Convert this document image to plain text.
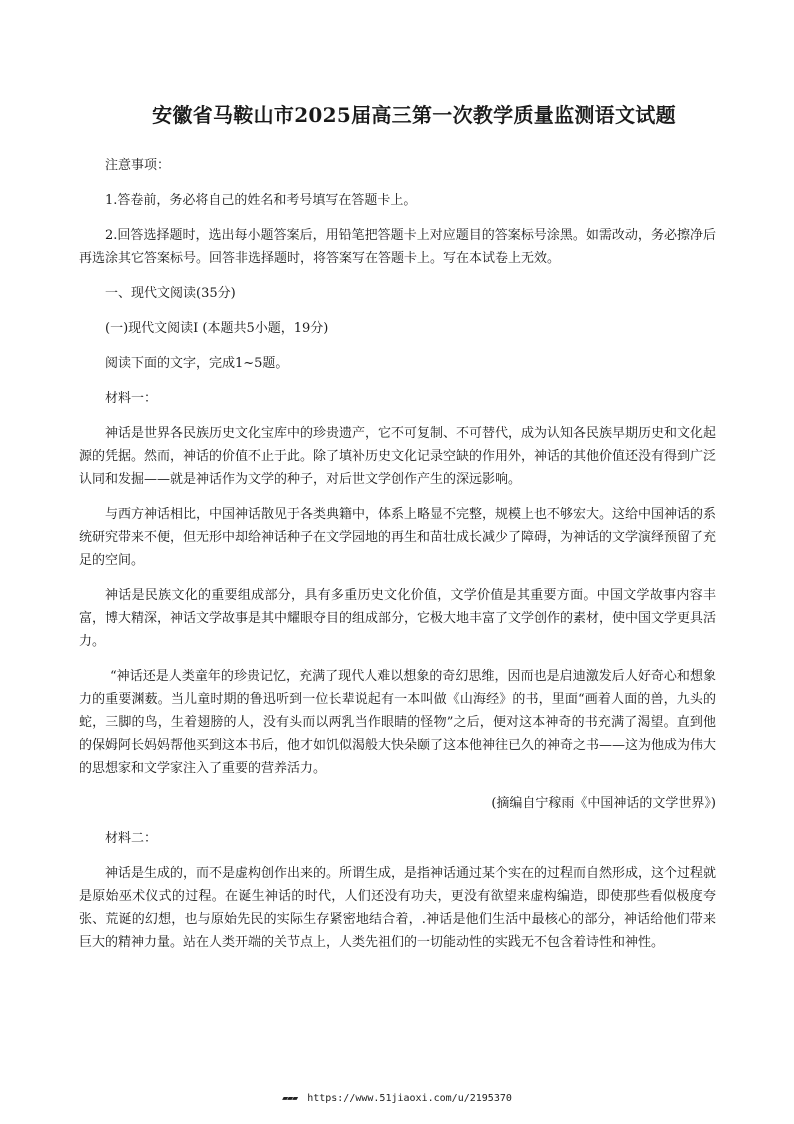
安徽省马鞍山市2025届高三第一次教学质量监测语文试题

注意事项：

1.答卷前，务必将自己的姓名和考号填写在答题卡上。

2.回答选择题时，选出每小题答案后，用铅笔把答题卡上对应题目的答案标号涂黑。如需改动，务必擦净后再选涂其它答案标号。回答非选择题时，将答案写在答题卡上。写在本试卷上无效。

一、现代文阅读(35分)

(一)现代文阅读Ⅰ (本题共5小题，19分)

阅读下面的文字，完成1~5题。

材料一：

神话是世界各民族历史文化宝库中的珍贵遗产，它不可复制、不可替代，成为认知各民族早期历史和文化起源的凭据。然而，神话的价值不止于此。除了填补历史文化记录空缺的作用外，神话的其他价值还没有得到广泛认同和发掘——就是神话作为文学的种子，对后世文学创作产生的深远影响。

与西方神话相比，中国神话散见于各类典籍中，体系上略显不完整，规模上也不够宏大。这给中国神话的系统研究带来不便，但无形中却给神话种子在文学园地的再生和苗壮成长减少了障碍，为神话的文学演绎预留了充足的空间。

神话是民族文化的重要组成部分，具有多重历史文化价值，文学价值是其重要方面。中国文学故事内容丰富，博大精深，神话文学故事是其中耀眼夺目的组成部分，它极大地丰富了文学创作的素材，使中国文学更具活力。

“神话还是人类童年的珍贵记忆，充满了现代人难以想象的奇幻思维，因而也是启迪激发后人好奇心和想象力的重要渊薮。当儿童时期的鲁迅听到一位长辈说起有一本叫做《山海经》的书，里面“画着人面的兽，九头的蛇，三脚的鸟，生着翅膀的人，没有头而以两乳当作眼睛的怪物”之后，便对这本神奇的书充满了渴望。直到他的保姆阿长妈妈帮他买到这本书后，他才如饥似渴般大快朵颐了这本他神往已久的神奇之书——这为他成为伟大的思想家和文学家注入了重要的营养活力。

(摘编自宁稼雨《中国神话的文学世界》)

材料二：

神话是生成的，而不是虚构创作出来的。所谓生成，是指神话通过某个实在的过程而自然形成，这个过程就是原始巫术仪式的过程。在诞生神话的时代，人们还没有功夫，更没有欲望来虚构编造，即使那些看似极度夸张、荒诞的幻想，也与原始先民的实际生存紧密地结合着，.神话是他们生活中最核心的部分，神话给他们带来巨大的精神力量。站在人类开端的关节点上，人类先祖们的一切能动性的实践无不包含着诗性和神性。

▰▰▰ https://www.51jiaoxi.com/u/2195370
